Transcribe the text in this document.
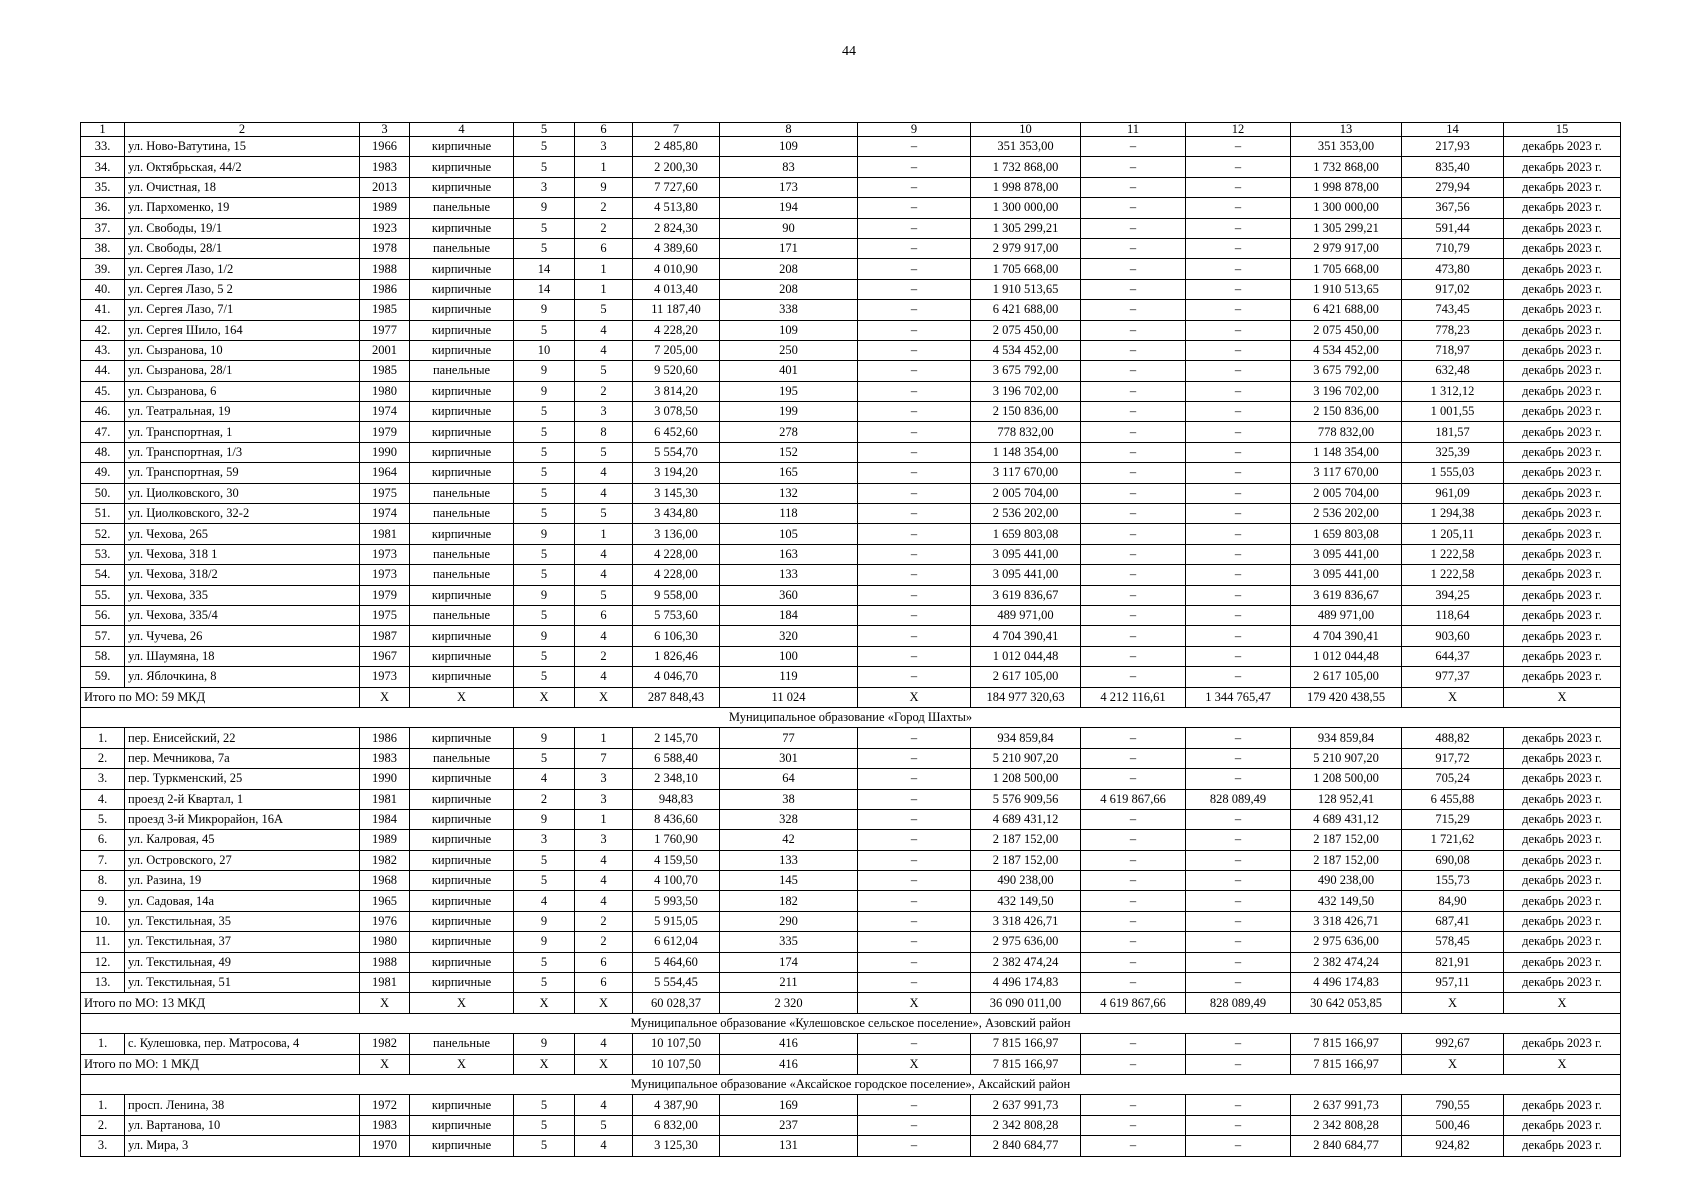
44
1	2	3	4	5	6	7	8	9	10	11	12	13	14	15
33.	ул. Ново-Ватутина, 15	1966	кирпичные	5	3	2 485,80	109	–	351 353,00	–	–	351 353,00	217,93	декабрь 2023 г.
34.	ул. Октябрьская, 44/2	1983	кирпичные	5	1	2 200,30	83	–	1 732 868,00	–	–	1 732 868,00	835,40	декабрь 2023 г.
35.	ул. Очистная, 18	2013	кирпичные	3	9	7 727,60	173	–	1 998 878,00	–	–	1 998 878,00	279,94	декабрь 2023 г.
36.	ул. Пархоменко, 19	1989	панельные	9	2	4 513,80	194	–	1 300 000,00	–	–	1 300 000,00	367,56	декабрь 2023 г.
37.	ул. Свободы, 19/1	1923	кирпичные	5	2	2 824,30	90	–	1 305 299,21	–	–	1 305 299,21	591,44	декабрь 2023 г.
38.	ул. Свободы, 28/1	1978	панельные	5	6	4 389,60	171	–	2 979 917,00	–	–	2 979 917,00	710,79	декабрь 2023 г.
39.	ул. Сергея Лазо, 1/2	1988	кирпичные	14	1	4 010,90	208	–	1 705 668,00	–	–	1 705 668,00	473,80	декабрь 2023 г.
40.	ул. Сергея Лазо, 5 2	1986	кирпичные	14	1	4 013,40	208	–	1 910 513,65	–	–	1 910 513,65	917,02	декабрь 2023 г.
41.	ул. Сергея Лазо, 7/1	1985	кирпичные	9	5	11 187,40	338	–	6 421 688,00	–	–	6 421 688,00	743,45	декабрь 2023 г.
42.	ул. Сергея Шило, 164	1977	кирпичные	5	4	4 228,20	109	–	2 075 450,00	–	–	2 075 450,00	778,23	декабрь 2023 г.
43.	ул. Сызранова, 10	2001	кирпичные	10	4	7 205,00	250	–	4 534 452,00	–	–	4 534 452,00	718,97	декабрь 2023 г.
44.	ул. Сызранова, 28/1	1985	панельные	9	5	9 520,60	401	–	3 675 792,00	–	–	3 675 792,00	632,48	декабрь 2023 г.
45.	ул. Сызранова, 6	1980	кирпичные	9	2	3 814,20	195	–	3 196 702,00	–	–	3 196 702,00	1 312,12	декабрь 2023 г.
46.	ул. Театральная, 19	1974	кирпичные	5	3	3 078,50	199	–	2 150 836,00	–	–	2 150 836,00	1 001,55	декабрь 2023 г.
47.	ул. Транспортная, 1	1979	кирпичные	5	8	6 452,60	278	–	778 832,00	–	–	778 832,00	181,57	декабрь 2023 г.
48.	ул. Транспортная, 1/3	1990	кирпичные	5	5	5 554,70	152	–	1 148 354,00	–	–	1 148 354,00	325,39	декабрь 2023 г.
49.	ул. Транспортная, 59	1964	кирпичные	5	4	3 194,20	165	–	3 117 670,00	–	–	3 117 670,00	1 555,03	декабрь 2023 г.
50.	ул. Циолковского, 30	1975	панельные	5	4	3 145,30	132	–	2 005 704,00	–	–	2 005 704,00	961,09	декабрь 2023 г.
51.	ул. Циолковского, 32-2	1974	панельные	5	5	3 434,80	118	–	2 536 202,00	–	–	2 536 202,00	1 294,38	декабрь 2023 г.
52.	ул. Чехова, 265	1981	кирпичные	9	1	3 136,00	105	–	1 659 803,08	–	–	1 659 803,08	1 205,11	декабрь 2023 г.
53.	ул. Чехова, 318 1	1973	панельные	5	4	4 228,00	163	–	3 095 441,00	–	–	3 095 441,00	1 222,58	декабрь 2023 г.
54.	ул. Чехова, 318/2	1973	панельные	5	4	4 228,00	133	–	3 095 441,00	–	–	3 095 441,00	1 222,58	декабрь 2023 г.
55.	ул. Чехова, 335	1979	кирпичные	9	5	9 558,00	360	–	3 619 836,67	–	–	3 619 836,67	394,25	декабрь 2023 г.
56.	ул. Чехова, 335/4	1975	панельные	5	6	5 753,60	184	–	489 971,00	–	–	489 971,00	118,64	декабрь 2023 г.
57.	ул. Чучева, 26	1987	кирпичные	9	4	6 106,30	320	–	4 704 390,41	–	–	4 704 390,41	903,60	декабрь 2023 г.
58.	ул. Шаумяна, 18	1967	кирпичные	5	2	1 826,46	100	–	1 012 044,48	–	–	1 012 044,48	644,37	декабрь 2023 г.
59.	ул. Яблочкина, 8	1973	кирпичные	5	4	4 046,70	119	–	2 617 105,00	–	–	2 617 105,00	977,37	декабрь 2023 г.
Итого по МО: 59 МКД		X	X	X	X	287 848,43	11 024	X	184 977 320,63	4 212 116,61	1 344 765,47	179 420 438,55	X	X
Муниципальное образование «Город Шахты»														
1.	пер. Енисейский, 22	1986	кирпичные	9	1	2 145,70	77	–	934 859,84	–	–	934 859,84	488,82	декабрь 2023 г.
2.	пер. Мечникова, 7а	1983	панельные	5	7	6 588,40	301	–	5 210 907,20	–	–	5 210 907,20	917,72	декабрь 2023 г.
3.	пер. Туркменский, 25	1990	кирпичные	4	3	2 348,10	64	–	1 208 500,00	–	–	1 208 500,00	705,24	декабрь 2023 г.
4.	проезд 2-й Квартал, 1	1981	кирпичные	2	3	948,83	38	–	5 576 909,56	4 619 867,66	828 089,49	128 952,41	6 455,88	декабрь 2023 г.
5.	проезд 3-й Микрорайон, 16А	1984	кирпичные	9	1	8 436,60	328	–	4 689 431,12	–	–	4 689 431,12	715,29	декабрь 2023 г.
6.	ул. Калровая, 45	1989	кирпичные	3	3	1 760,90	42	–	2 187 152,00	–	–	2 187 152,00	1 721,62	декабрь 2023 г.
7.	ул. Островского, 27	1982	кирпичные	5	4	4 159,50	133	–	2 187 152,00	–	–	2 187 152,00	690,08	декабрь 2023 г.
8.	ул. Разина, 19	1968	кирпичные	5	4	4 100,70	145	–	490 238,00	–	–	490 238,00	155,73	декабрь 2023 г.
9.	ул. Садовая, 14а	1965	кирпичные	4	4	5 993,50	182	–	432 149,50	–	–	432 149,50	84,90	декабрь 2023 г.
10.	ул. Текстильная, 35	1976	кирпичные	9	2	5 915,05	290	–	3 318 426,71	–	–	3 318 426,71	687,41	декабрь 2023 г.
11.	ул. Текстильная, 37	1980	кирпичные	9	2	6 612,04	335	–	2 975 636,00	–	–	2 975 636,00	578,45	декабрь 2023 г.
12.	ул. Текстильная, 49	1988	кирпичные	5	6	5 464,60	174	–	2 382 474,24	–	–	2 382 474,24	821,91	декабрь 2023 г.
13.	ул. Текстильная, 51	1981	кирпичные	5	6	5 554,45	211	–	4 496 174,83	–	–	4 496 174,83	957,11	декабрь 2023 г.
Итого по МО: 13 МКД		X	X	X	X	60 028,37	2 320	X	36 090 011,00	4 619 867,66	828 089,49	30 642 053,85	X	X
Муниципальное образование «Кулешовское сельское поселение», Азовский район														
1.	с. Кулешовка, пер. Матросова, 4	1982	панельные	9	4	10 107,50	416	–	7 815 166,97	–	–	7 815 166,97	992,67	декабрь 2023 г.
Итого по МО: 1 МКД		X	X	X	X	10 107,50	416	X	7 815 166,97	–	–	7 815 166,97	X	X
Муниципальное образование «Аксайское городское поселение», Аксайский район														
1.	просп. Ленина, 38	1972	кирпичные	5	4	4 387,90	169	–	2 637 991,73	–	–	2 637 991,73	790,55	декабрь 2023 г.
2.	ул. Вартанова, 10	1983	кирпичные	5	5	6 832,00	237	–	2 342 808,28	–	–	2 342 808,28	500,46	декабрь 2023 г.
3.	ул. Мира, 3	1970	кирпичные	5	4	3 125,30	131	–	2 840 684,77	–	–	2 840 684,77	924,82	декабрь 2023 г.
